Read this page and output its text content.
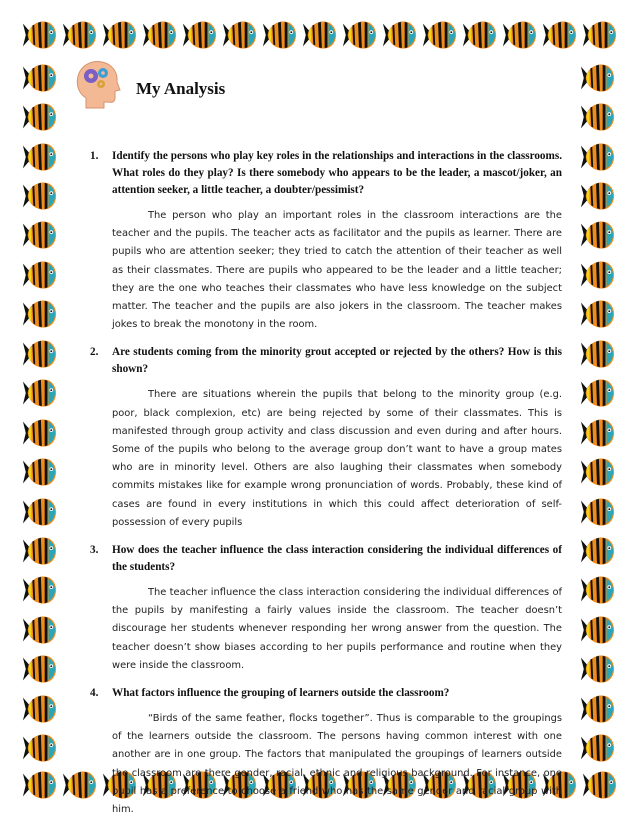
My Analysis
1. Identify the persons who play key roles in the relationships and interactions in the classrooms. What roles do they play? Is there somebody who appears to be the leader, a mascot/joker, an attention seeker, a little teacher, a doubter/pessimist?
The person who play an important roles in the classroom interactions are the teacher and the pupils. The teacher acts as facilitator and the pupils as learner. There are pupils who are attention seeker; they tried to catch the attention of their teacher as well as their classmates. There are pupils who appeared to be the leader and a little teacher; they are the one who teaches their classmates who have less knowledge on the subject matter. The teacher and the pupils are also jokers in the classroom. The teacher makes jokes to break the monotony in the room.
2. Are students coming from the minority grout accepted or rejected by the others? How is this shown?
There are situations wherein the pupils that belong to the minority group (e.g. poor, black complexion, etc) are being rejected by some of their classmates. This is manifested through group activity and class discussion and even during and after hours. Some of the pupils who belong to the average group don’t want to have a group mates who are in minority level. Others are also laughing their classmates when somebody commits mistakes like for example wrong pronunciation of words. Probably, these kind of cases are found in every institutions in which this could affect deterioration of self-possession of every pupils
3. How does the teacher influence the class interaction considering the individual differences of the students?
The teacher influence the class interaction considering the individual differences of the pupils by manifesting a fairly values inside the classroom. The teacher doesn’t discourage her students whenever responding her wrong answer from the question. The teacher doesn’t show biases according to her pupils performance and routine when they were inside the classroom.
4. What factors influence the grouping of learners outside the classroom?
“Birds of the same feather, flocks together”. Thus is comparable to the groupings of the learners outside the classroom. The persons having common interest with one another are in one group. The factors that manipulated the groupings of learners outside the classroom are there gender, racial, ethnic and religious background. For instance, one pupil has a preference to choose a friend who has the same gender and racial group with him.
